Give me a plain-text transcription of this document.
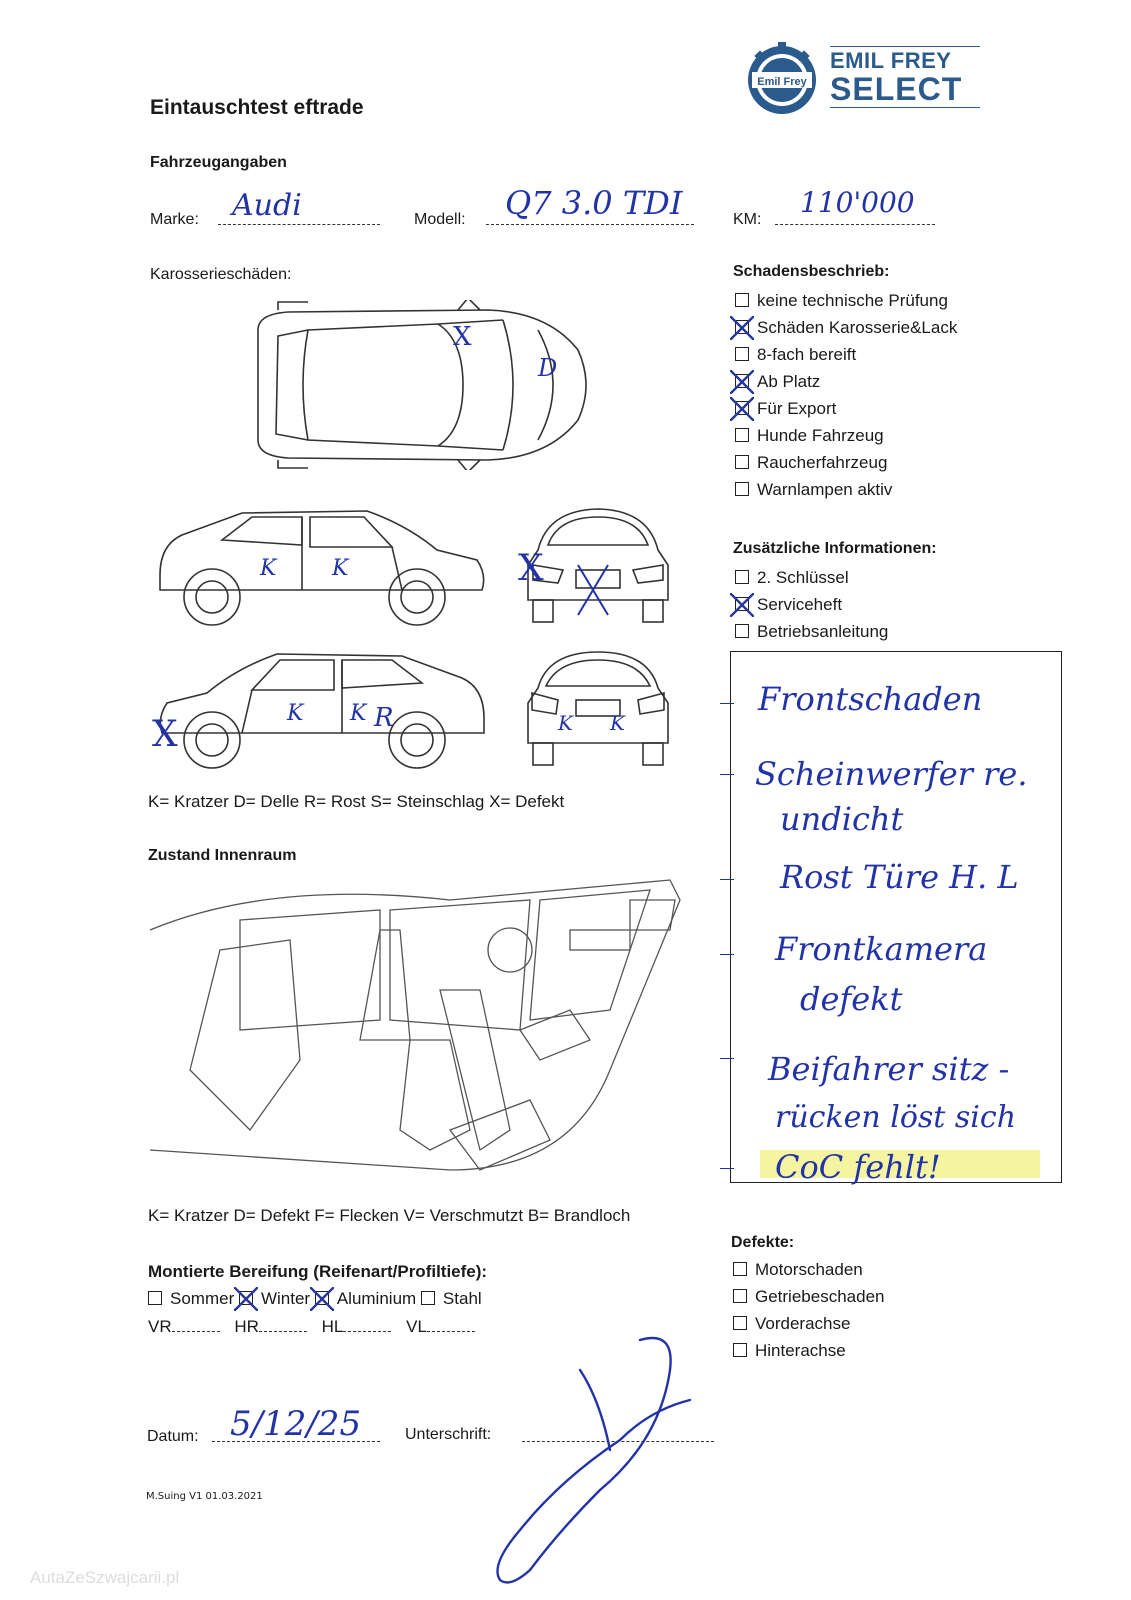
Eintauschtest eftrade
Emil Frey
EMIL FREY
SELECT
Fahrzeugangaben
Marke: Audi	Modell: Q7 3.0 TDI	KM:
110'000
Karosserieschäden:
D
X
K	K	X
X
K K R	K K
K= Kratzer D= Delle R= Rost S= Steinschlag X= Defekt
Schadensbeschrieb:
keine technische Prüfung
Schäden Karosserie&Lack
8-fach bereift
Ab Platz
Für Export
Hunde Fahrzeug
Raucherfahrzeug
Warnlampen aktiv
Zusätzliche Informationen:
2. Schlüssel
Serviceheft
Betriebsanleitung
Frontschaden
Scheinwerfer re.
undicht
Rost Türe H. L
Frontkamera
defekt
Beifahrer sitz -
rücken löst sich
CoC fehlt!
Zustand Innenraum
K= Kratzer D= Defekt F= Flecken V= Verschmutzt B= Brandloch
Montierte Bereifung (Reifenart/Profiltiefe):
Sommer Winter Aluminium Stahl
VR	HR	HL	VL
Defekte:
Motorschaden
Getriebeschaden
Vorderachse
Hinterachse
Datum: 5/12/25	Unterschrift:
M.Suing V1 01.03.2021
AutaZeSzwajcarii.pl
